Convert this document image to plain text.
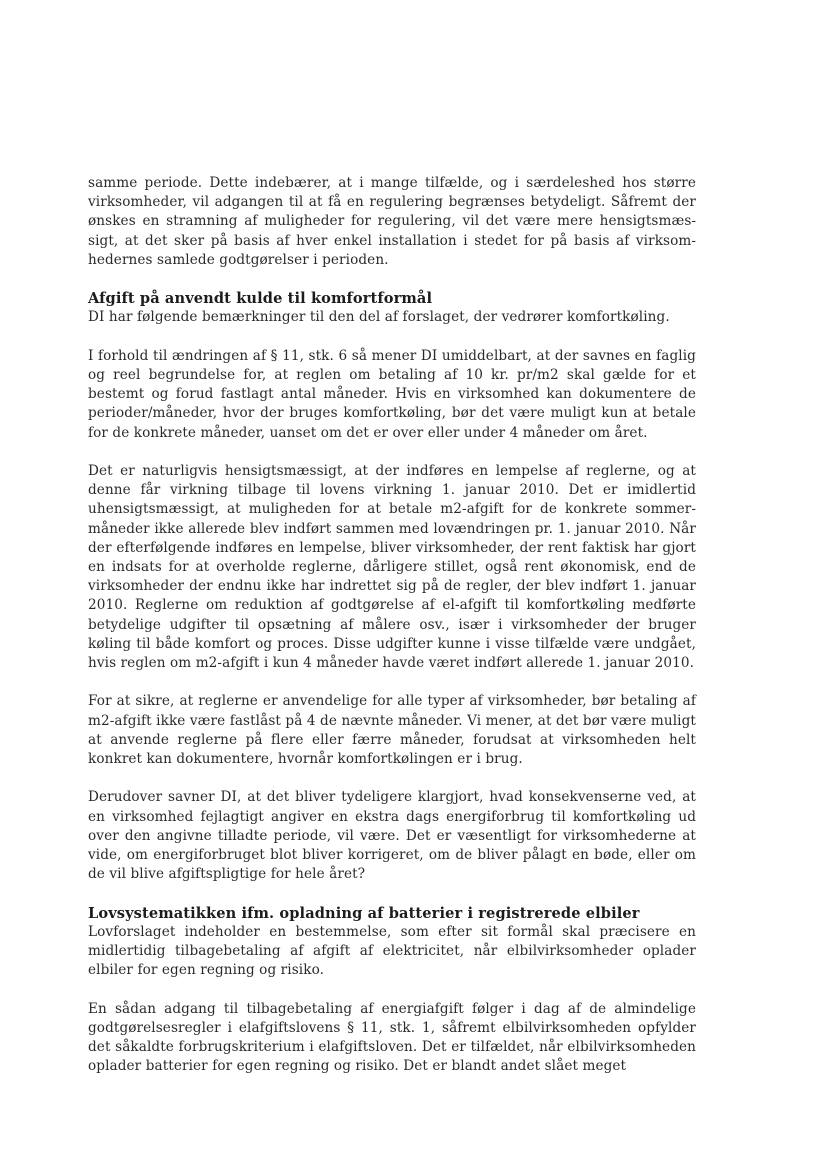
samme periode. Dette indebærer, at i mange tilfælde, og i særdeleshed hos større virksomheder, vil adgangen til at få en regulering begrænses betydeligt. Såfremt der ønskes en stramning af muligheder for regulering, vil det være mere hensigtsmæssigt, at det sker på basis af hver enkel installation i stedet for på basis af virksomhedernes samlede godtgørelser i perioden.

Afgift på anvendt kulde til komfortformål

DI har følgende bemærkninger til den del af forslaget, der vedrører komfortkøling.

I forhold til ændringen af § 11, stk. 6 så mener DI umiddelbart, at der savnes en faglig og reel begrundelse for, at reglen om betaling af 10 kr. pr/m2 skal gælde for et bestemt og forud fastlagt antal måneder. Hvis en virksomhed kan dokumentere de perioder/måneder, hvor der bruges komfortkøling, bør det være muligt kun at betale for de konkrete måneder, uanset om det er over eller under 4 måneder om året.

Det er naturligvis hensigtsmæssigt, at der indføres en lempelse af reglerne, og at denne får virkning tilbage til lovens virkning 1. januar 2010. Det er imidlertid uhensigtsmæssigt, at muligheden for at betale m2-afgift for de konkrete sommermåneder ikke allerede blev indført sammen med lovændringen pr. 1. januar 2010. Når der efterfølgende indføres en lempelse, bliver virksomheder, der rent faktisk har gjort en indsats for at overholde reglerne, dårligere stillet, også rent økonomisk, end de virksomheder der endnu ikke har indrettet sig på de regler, der blev indført 1. januar 2010. Reglerne om reduktion af godtgørelse af el-afgift til komfortkøling medførte betydelige udgifter til opsætning af målere osv., især i virksomheder der bruger køling til både komfort og proces. Disse udgifter kunne i visse tilfælde være undgået, hvis reglen om m2-afgift i kun 4 måneder havde været indført allerede 1. januar 2010.

For at sikre, at reglerne er anvendelige for alle typer af virksomheder, bør betaling af m2-afgift ikke være fastlåst på 4 de nævnte måneder. Vi mener, at det bør være muligt at anvende reglerne på flere eller færre måneder, forudsat at virksomheden helt konkret kan dokumentere, hvornår komfortkølingen er i brug.

Derudover savner DI, at det bliver tydeligere klargjort, hvad konsekvenserne ved, at en virksomhed fejlagtigt angiver en ekstra dags energiforbrug til komfortkøling ud over den angivne tilladte periode, vil være. Det er væsentligt for virksomhederne at vide, om energiforbruget blot bliver korrigeret, om de bliver pålagt en bøde, eller om de vil blive afgiftspligtige for hele året?

Lovsystematikken ifm. opladning af batterier i registrerede elbiler

Lovforslaget indeholder en bestemmelse, som efter sit formål skal præcisere en midlertidig tilbagebetaling af afgift af elektricitet, når elbilvirksomheder oplader elbiler for egen regning og risiko.

En sådan adgang til tilbagebetaling af energiafgift følger i dag af de almindelige godtgørelsesregler i elafgiftslovens § 11, stk. 1, såfremt elbilvirksomheden opfylder det såkaldte forbrugskriterium i elafgiftsloven. Det er tilfældet, når elbilvirksomheden oplader batterier for egen regning og risiko. Det er blandt andet slået meget
